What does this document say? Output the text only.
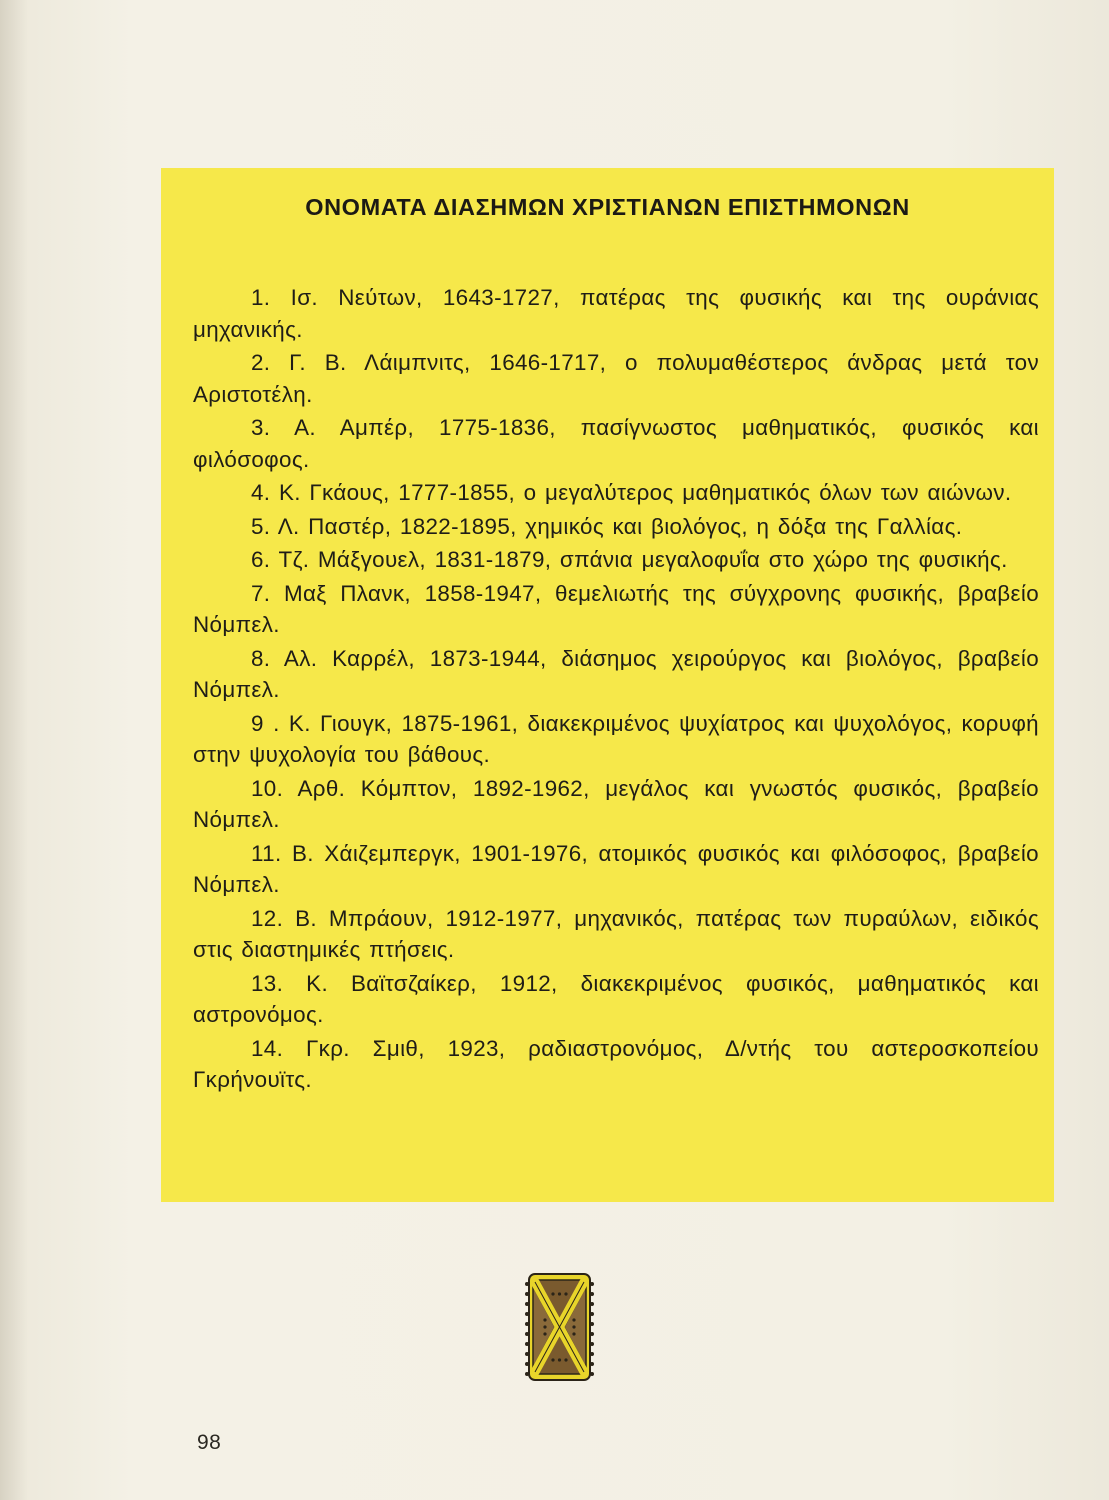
ΟΝΟΜΑΤΑ ΔΙΑΣΗΜΩΝ ΧΡΙΣΤΙΑΝΩΝ ΕΠΙΣΤΗΜΟΝΩΝ

1. Ισ. Νεύτων, 1643-1727, πατέρας της φυσικής και της ουράνιας μηχανικής.

2. Γ. Β. Λάιμπνιτς, 1646-1717, ο πολυμαθέστερος άνδρας μετά τον Αριστοτέλη.

3. Α. Αμπέρ, 1775-1836, πασίγνωστος μαθηματικός, φυσικός και φιλόσοφος.

4. Κ. Γκάους, 1777-1855, ο μεγαλύτερος μαθηματικός όλων των αιώνων.

5. Λ. Παστέρ, 1822-1895, χημικός και βιολόγος, η δόξα της Γαλλίας.

6. Τζ. Μάξγουελ, 1831-1879, σπάνια μεγαλοφυΐα στο χώρο της φυσικής.

7. Μαξ Πλανκ, 1858-1947, θεμελιωτής της σύγχρονης φυσικής, βραβείο Νόμπελ.

8. Αλ. Καρρέλ, 1873-1944, διάσημος χειρούργος και βιολόγος, βραβείο Νόμπελ.

9 . Κ. Γιουγκ, 1875-1961, διακεκριμένος ψυχίατρος και ψυχολόγος, κορυφή στην ψυχολογία του βάθους.

10. Αρθ. Κόμπτον, 1892-1962, μεγάλος και γνωστός φυσικός, βραβείο Νόμπελ.

11. Β. Χάιζεμπεργκ, 1901-1976, ατομικός φυσικός και φιλόσοφος, βραβείο Νόμπελ.

12. Β. Μπράουν, 1912-1977, μηχανικός, πατέρας των πυραύλων, ειδικός στις διαστημικές πτήσεις.

13. Κ. Βαϊτσζαίκερ, 1912, διακεκριμένος φυσικός, μαθηματικός και αστρονόμος.

14. Γκρ. Σμιθ, 1923, ραδιαστρονόμος, Δ/ντής του αστεροσκοπείου Γκρήνουϊτς.

98
